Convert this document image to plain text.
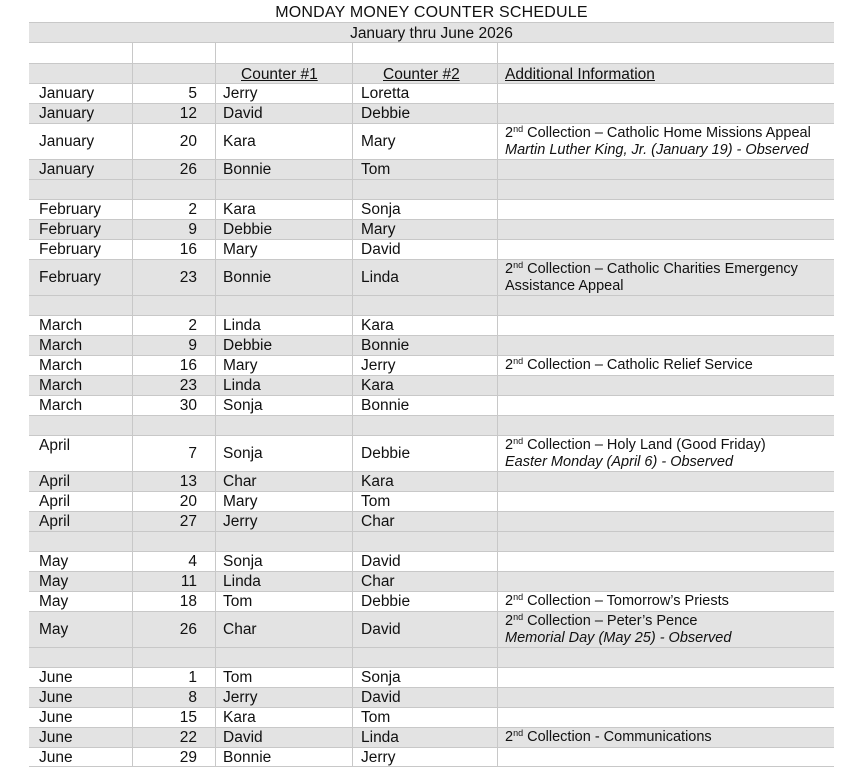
MONDAY MONEY COUNTER SCHEDULE
January thru June 2026
Counter #1	Counter #2	Additional Information
January	5 Jerry	Loretta
January	12 David	Debbie
January	20 Kara	Mary	2nd Collection – Catholic Home Missions Appeal
Martin Luther King, Jr. (January 19) - Observed
January	26 Bonnie	Tom
February	2 Kara	Sonja
February	9 Debbie	Mary
February	16 Mary	David
February	23 Bonnie	Linda	2nd Collection – Catholic Charities Emergency
Assistance Appeal
March	2 Linda	Kara
March	9 Debbie	Bonnie
March	16 Mary	Jerry	2nd Collection – Catholic Relief Service
March	23 Linda	Kara
March	30 Sonja	Bonnie
April	7 Sonja	Debbie	2nd Collection – Holy Land (Good Friday)
Easter Monday (April 6) - Observed
April	13 Char	Kara
April	20 Mary	Tom
April	27 Jerry	Char
May	4 Sonja	David
May	11 Linda	Char
May	18 Tom	Debbie	2nd Collection – Tomorrow’s Priests
May	26 Char	David	2nd Collection – Peter’s Pence
Memorial Day (May 25) - Observed
June	1 Tom	Sonja
June	8 Jerry	David
June	15 Kara	Tom
June	22 David	Linda	2nd Collection - Communications
June	29 Bonnie	Jerry
